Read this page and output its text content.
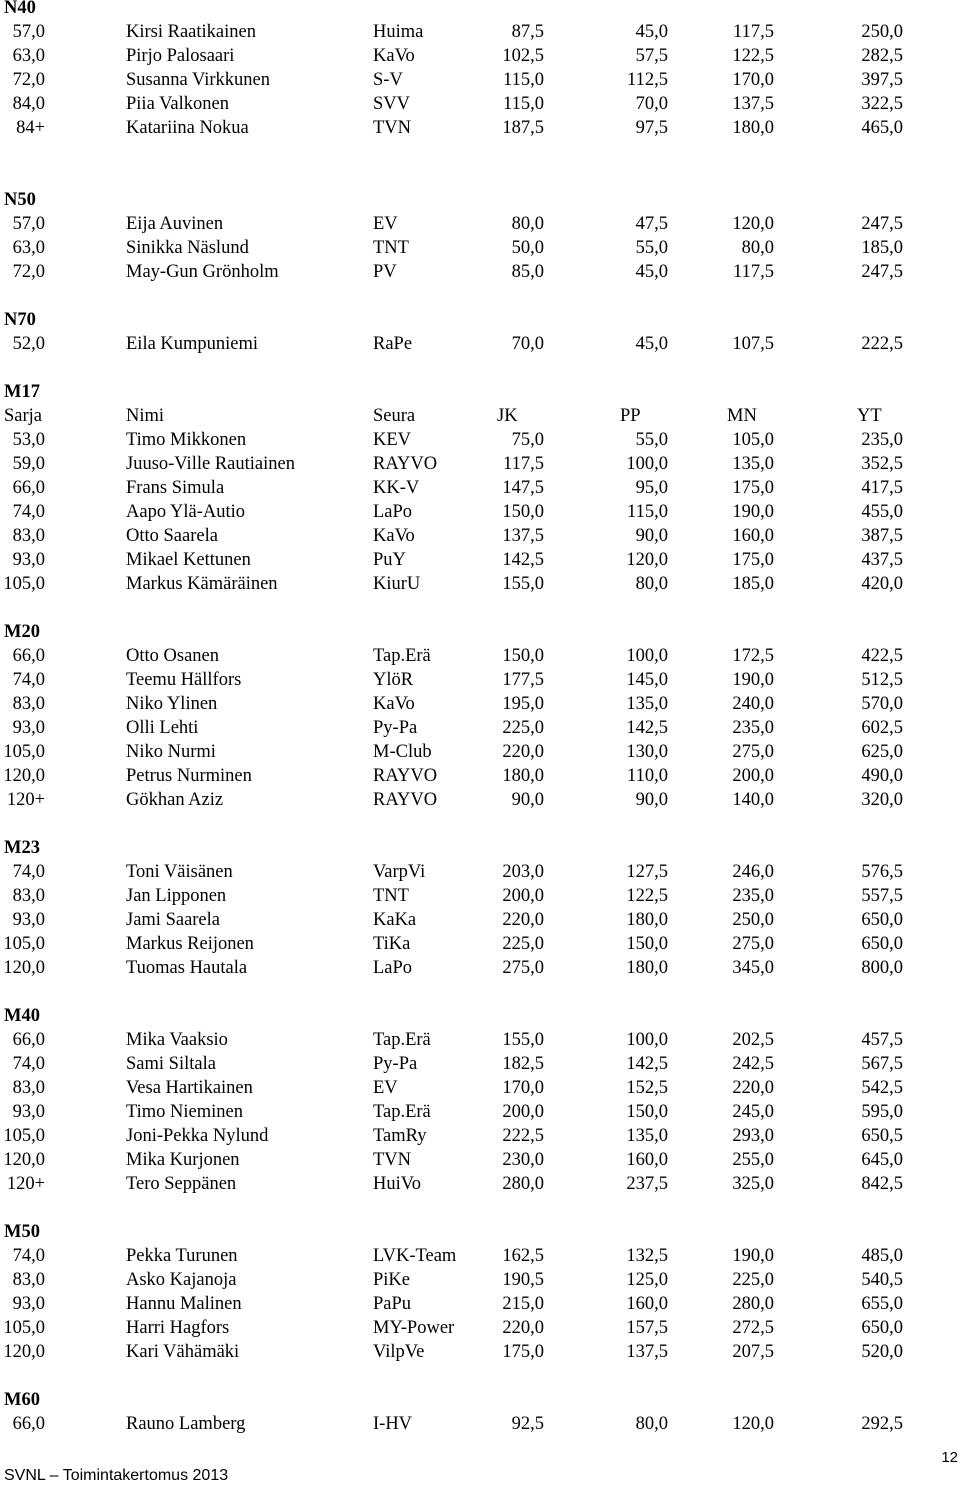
N40
57,0	Kirsi Raatikainen	Huima	87,5	45,0	117,5	250,0
63,0	Pirjo Palosaari	KaVo	102,5	57,5	122,5	282,5
72,0	Susanna Virkkunen	S-V	115,0	112,5	170,0	397,5
84,0	Piia Valkonen	SVV	115,0	70,0	137,5	322,5
84+	Katariina Nokua	TVN	187,5	97,5	180,0	465,0
N50
57,0	Eija Auvinen	EV	80,0	47,5	120,0	247,5
63,0	Sinikka Näslund	TNT	50,0	55,0	80,0	185,0
72,0	May-Gun Grönholm	PV	85,0	45,0	117,5	247,5
N70
52,0	Eila Kumpuniemi	RaPe	70,0	45,0	107,5	222,5
M17
Sarja	Nimi	Seura	JK	PP	MN	YT
53,0	Timo Mikkonen	KEV	75,0	55,0	105,0	235,0
59,0	Juuso-Ville Rautiainen	RAYVO	117,5	100,0	135,0	352,5
66,0	Frans Simula	KK-V	147,5	95,0	175,0	417,5
74,0	Aapo Ylä-Autio	LaPo	150,0	115,0	190,0	455,0
83,0	Otto Saarela	KaVo	137,5	90,0	160,0	387,5
93,0	Mikael Kettunen	PuY	142,5	120,0	175,0	437,5
105,0	Markus Kämäräinen	KiurU	155,0	80,0	185,0	420,0
M20
66,0	Otto Osanen	Tap.Erä	150,0	100,0	172,5	422,5
74,0	Teemu Hällfors	YlöR	177,5	145,0	190,0	512,5
83,0	Niko Ylinen	KaVo	195,0	135,0	240,0	570,0
93,0	Olli Lehti	Py-Pa	225,0	142,5	235,0	602,5
105,0	Niko Nurmi	M-Club	220,0	130,0	275,0	625,0
120,0	Petrus Nurminen	RAYVO	180,0	110,0	200,0	490,0
120+	Gökhan Aziz	RAYVO	90,0	90,0	140,0	320,0
M23
74,0	Toni Väisänen	VarpVi	203,0	127,5	246,0	576,5
83,0	Jan Lipponen	TNT	200,0	122,5	235,0	557,5
93,0	Jami Saarela	KaKa	220,0	180,0	250,0	650,0
105,0	Markus Reijonen	TiKa	225,0	150,0	275,0	650,0
120,0	Tuomas Hautala	LaPo	275,0	180,0	345,0	800,0
M40
66,0	Mika Vaaksio	Tap.Erä	155,0	100,0	202,5	457,5
74,0	Sami Siltala	Py-Pa	182,5	142,5	242,5	567,5
83,0	Vesa Hartikainen	EV	170,0	152,5	220,0	542,5
93,0	Timo Nieminen	Tap.Erä	200,0	150,0	245,0	595,0
105,0	Joni-Pekka Nylund	TamRy	222,5	135,0	293,0	650,5
120,0	Mika Kurjonen	TVN	230,0	160,0	255,0	645,0
120+	Tero Seppänen	HuiVo	280,0	237,5	325,0	842,5
M50
74,0	Pekka Turunen	LVK-Team 162,5	132,5	190,0	485,0
83,0	Asko Kajanoja	PiKe	190,5	125,0	225,0	540,5
93,0	Hannu Malinen	PaPu	215,0	160,0	280,0	655,0
105,0	Harri Hagfors	MY-Power	220,0	157,5	272,5	650,0
120,0	Kari Vähämäki	VilpVe	175,0	137,5	207,5	520,0
M60
66,0	Rauno Lamberg	I-HV	92,5	80,0	120,0	292,5
SVNL – Toimintakertomus 2013
12
